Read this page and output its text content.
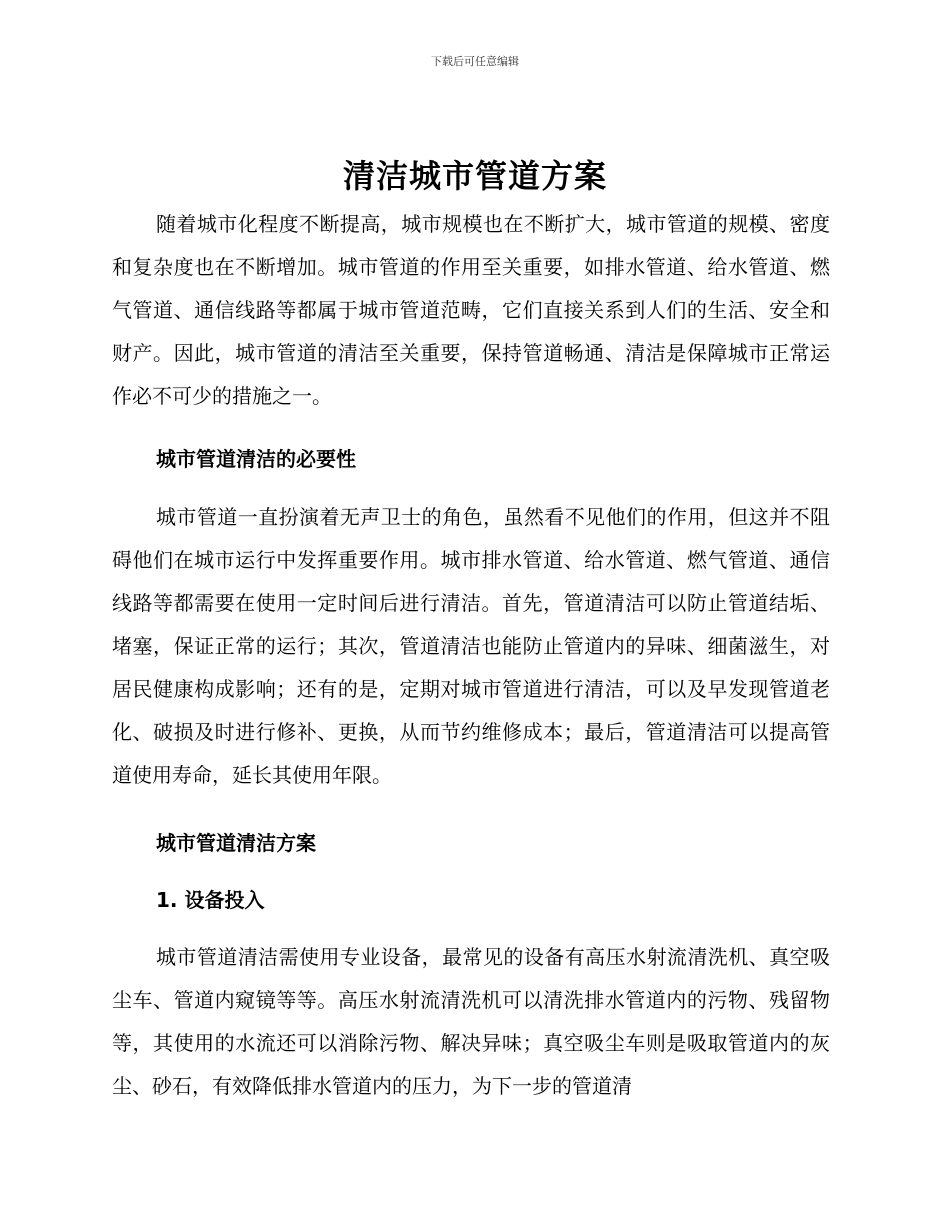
下载后可任意编辑
清洁城市管道方案

随着城市化程度不断提高，城市规模也在不断扩大，城市管道的规模、密度和复杂度也在不断增加。城市管道的作用至关重要，如排水管道、给水管道、燃气管道、通信线路等都属于城市管道范畴，它们直接关系到人们的生活、安全和财产。因此，城市管道的清洁至关重要，保持管道畅通、清洁是保障城市正常运作必不可少的措施之一。

城市管道清洁的必要性

城市管道一直扮演着无声卫士的角色，虽然看不见他们的作用，但这并不阻碍他们在城市运行中发挥重要作用。城市排水管道、给水管道、燃气管道、通信线路等都需要在使用一定时间后进行清洁。首先，管道清洁可以防止管道结垢、堵塞，保证正常的运行；其次，管道清洁也能防止管道内的异味、细菌滋生，对居民健康构成影响；还有的是，定期对城市管道进行清洁，可以及早发现管道老化、破损及时进行修补、更换，从而节约维修成本；最后，管道清洁可以提高管道使用寿命，延长其使用年限。

城市管道清洁方案
1. 设备投入

城市管道清洁需使用专业设备，最常见的设备有高压水射流清洗机、真空吸尘车、管道内窥镜等等。高压水射流清洗机可以清洗排水管道内的污物、残留物等，其使用的水流还可以消除污物、解决异味；真空吸尘车则是吸取管道内的灰尘、砂石，有效降低排水管道内的压力，为下一步的管道清
